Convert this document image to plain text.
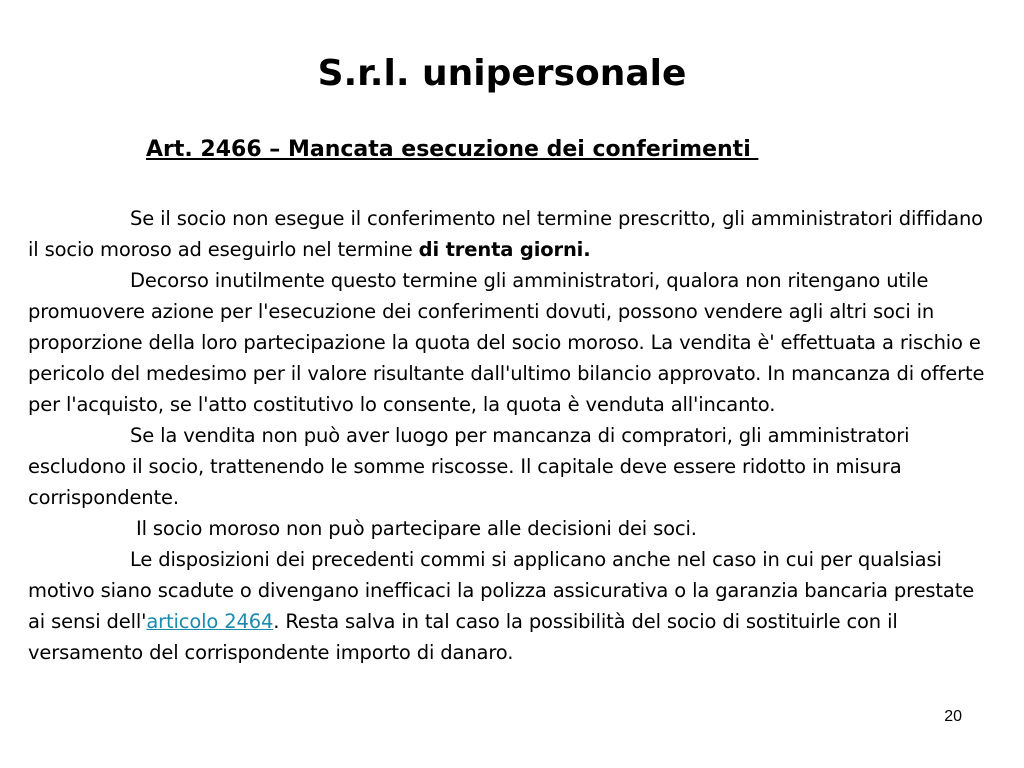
S.r.l. unipersonale
Art. 2466 – Mancata esecuzione dei conferimenti

Se il socio non esegue il conferimento nel termine prescritto, gli amministratori diffidano il socio moroso ad eseguirlo nel termine di trenta giorni.

Decorso inutilmente questo termine gli amministratori, qualora non ritengano utile promuovere azione per l'esecuzione dei conferimenti dovuti, possono vendere agli altri soci in proporzione della loro partecipazione la quota del socio moroso. La vendita è' effettuata a rischio e pericolo del medesimo per il valore risultante dall'ultimo bilancio approvato. In mancanza di offerte per l'acquisto, se l'atto costitutivo lo consente, la quota è venduta all'incanto.

Se la vendita non può aver luogo per mancanza di compratori, gli amministratori escludono il socio, trattenendo le somme riscosse. Il capitale deve essere ridotto in misura corrispondente.

Il socio moroso non può partecipare alle decisioni dei soci.

Le disposizioni dei precedenti commi si applicano anche nel caso in cui per qualsiasi motivo siano scadute o divengano inefficaci la polizza assicurativa o la garanzia bancaria prestate ai sensi dell'articolo 2464. Resta salva in tal caso la possibilità del socio di sostituirle con il versamento del corrispondente importo di danaro.

20
